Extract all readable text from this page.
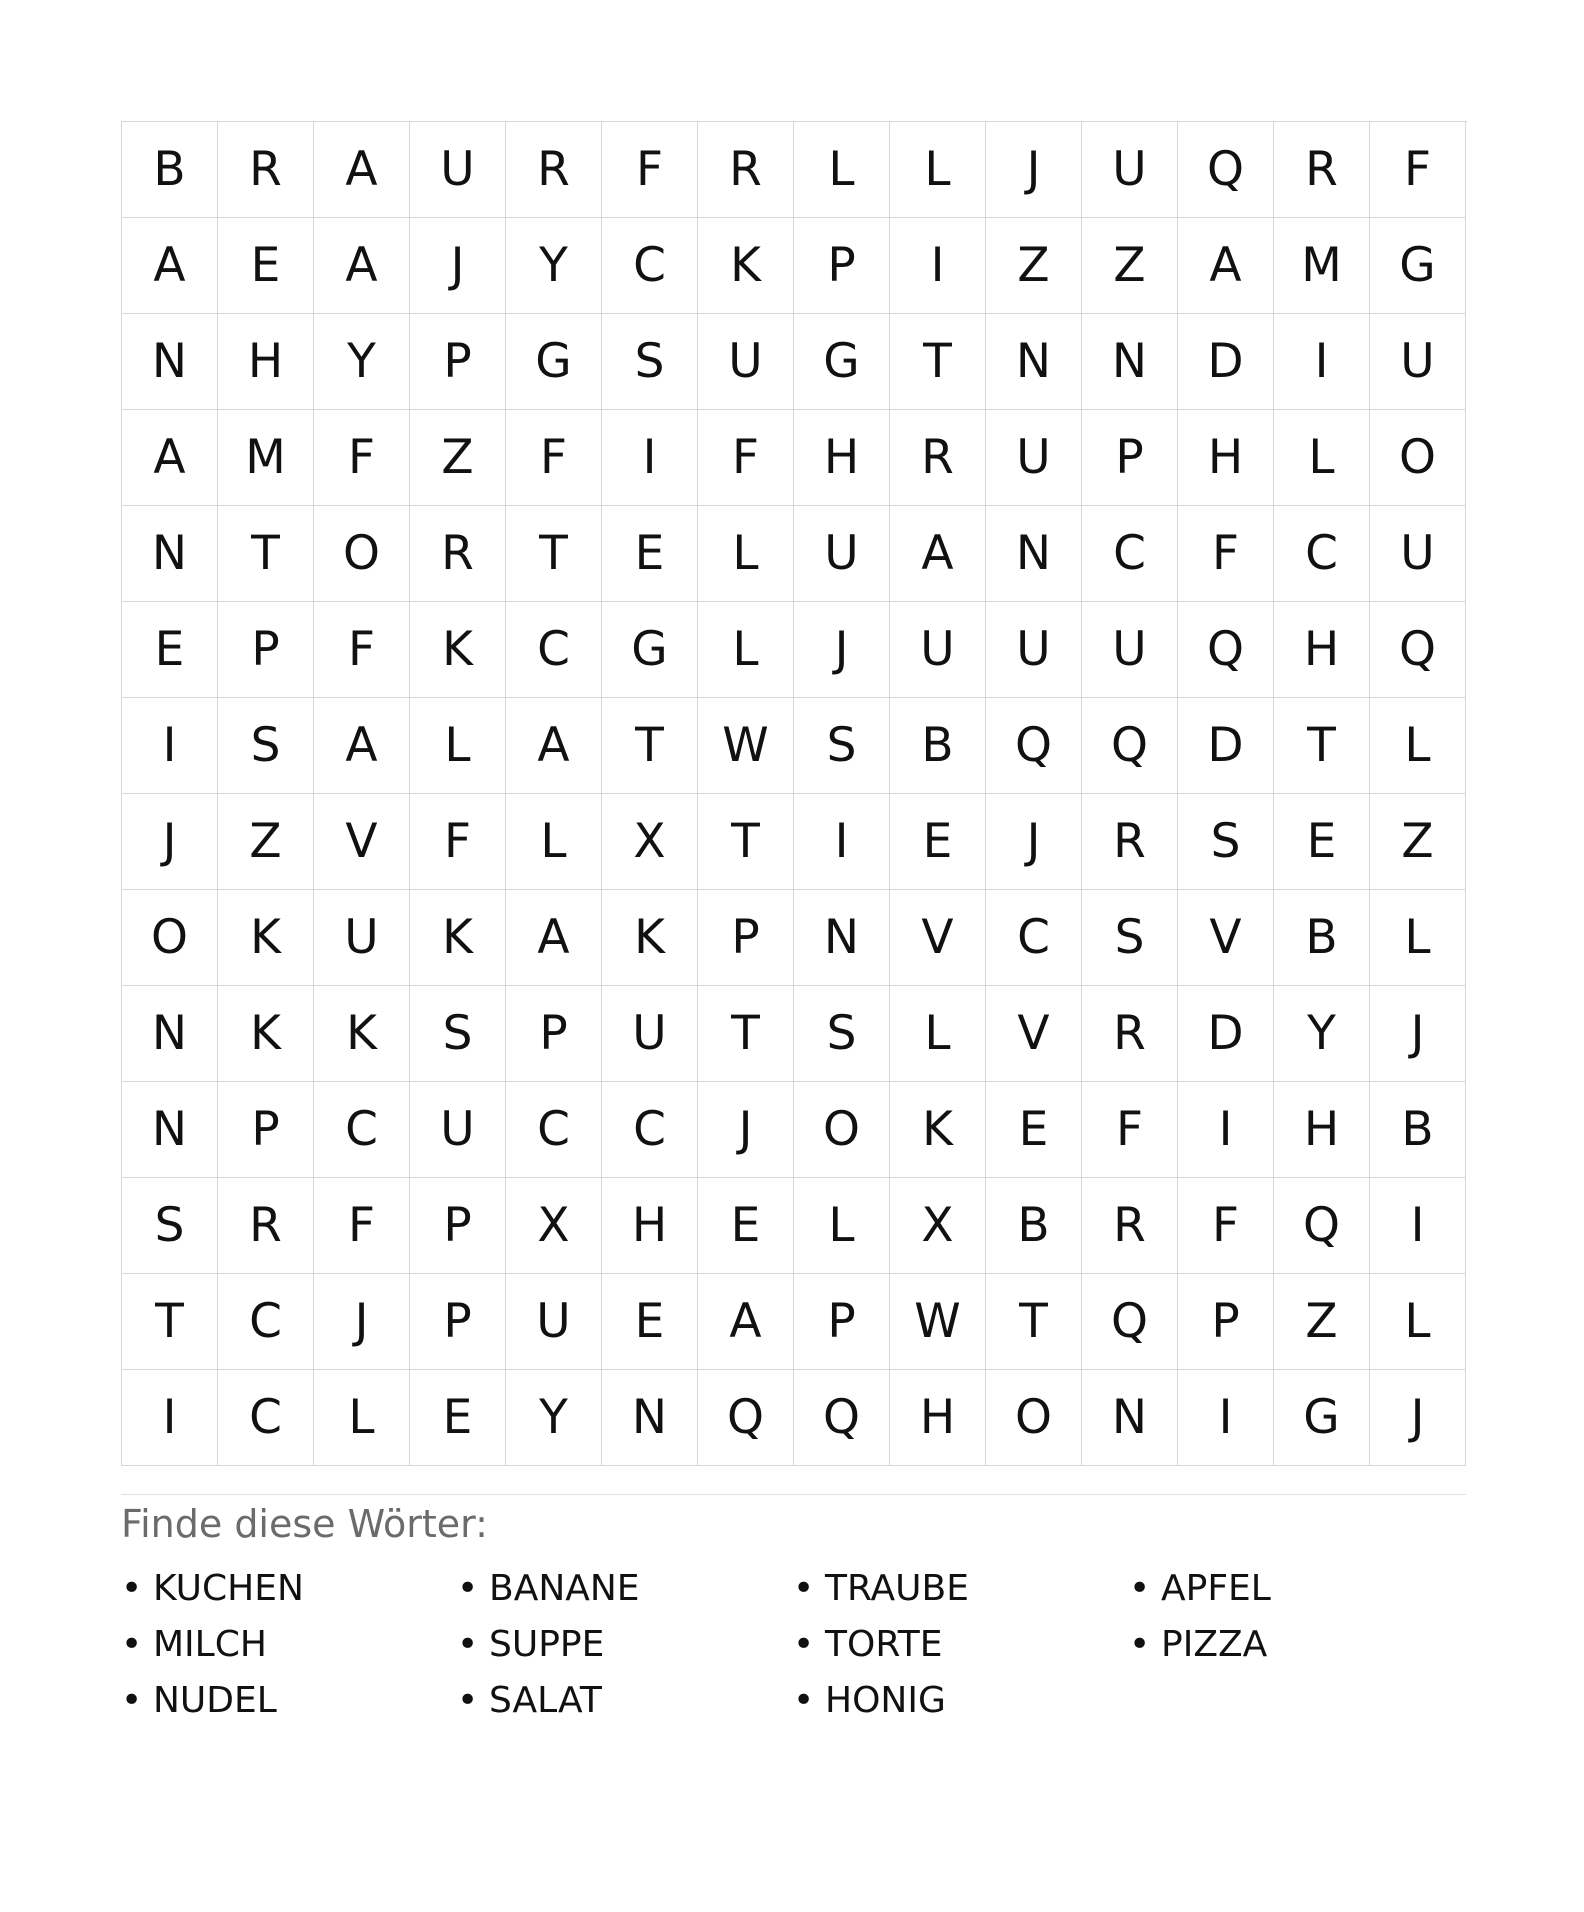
B	R	A	U	R	F	R	L	L	J	U	Q	R	F
A	E	A	J	Y	C	K	P	I	Z	Z	A	M	G
N	H	Y	P	G	S	U	G	T	N	N	D	I	U
A	M	F	Z	F	I	F	H	R	U	P	H	L	O
N	T	O	R	T	E	L	U	A	N	C	F	C	U
E	P	F	K	C	G	L	J	U	U	U	Q	H	Q
I	S	A	L	A	T	W	S	B	Q	Q	D	T	L
J	Z	V	F	L	X	T	I	E	J	R	S	E	Z
O	K	U	K	A	K	P	N	V	C	S	V	B	L
N	K	K	S	P	U	T	S	L	V	R	D	Y	J
N	P	C	U	C	C	J	O	K	E	F	I	H	B
S	R	F	P	X	H	E	L	X	B	R	F	Q	I
T	C	J	P	U	E	A	P	W	T	Q	P	Z	L
I	C	L	E	Y	N	Q	Q	H	O	N	I	G	J
Finde diese Wörter:
• KUCHEN	• BANANE	• TRAUBE	• APFEL
• MILCH	• SUPPE	• TORTE	• PIZZA
• NUDEL	• SALAT	• HONIG
